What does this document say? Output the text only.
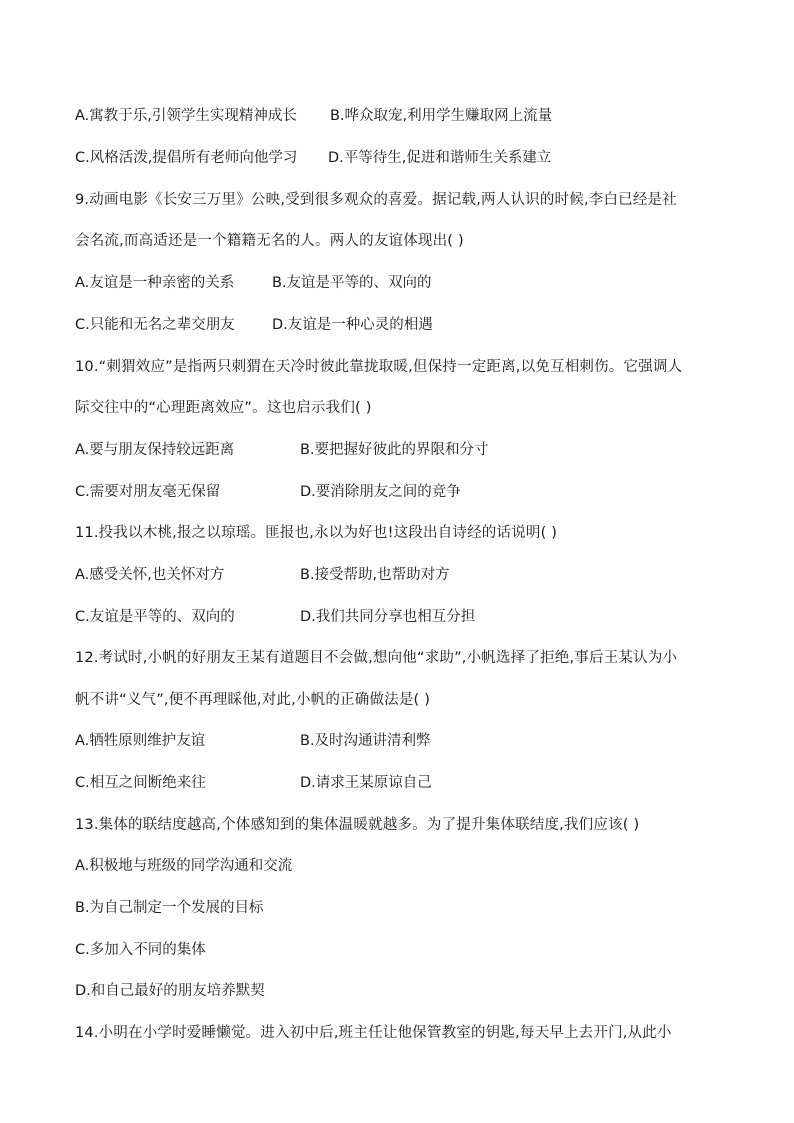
A.寓教于乐,引领学生实现精神成长 B.哗众取宠,利用学生赚取网上流量
C.风格活泼,提倡所有老师向他学习 D.平等待生,促进和谐师生关系建立
9.动画电影《长安三万里》公映,受到很多观众的喜爱。据记载,两人认识的时候,李白已经是社
会名流,而高适还是一个籍籍无名的人。两人的友谊体现出( )
A.友谊是一种亲密的关系	B.友谊是平等的、双向的
C.只能和无名之辈交朋友	D.友谊是一种心灵的相遇
10.“刺猬效应”是指两只刺猬在天冷时彼此靠拢取暖,但保持一定距离,以免互相刺伤。它强调人
际交往中的“心理距离效应”。这也启示我们( )
A.要与朋友保持较远距离	B.要把握好彼此的界限和分寸
C.需要对朋友毫无保留	D.要消除朋友之间的竞争
11.投我以木桃,报之以琼瑶。匪报也,永以为好也!这段出自诗经的话说明( )
A.感受关怀,也关怀对方	B.接受帮助,也帮助对方
C.友谊是平等的、双向的	D.我们共同分享也相互分担
12.考试时,小帆的好朋友王某有道题目不会做,想向他“求助”,小帆选择了拒绝,事后王某认为小
帆不讲“义气”,便不再理睬他,对此,小帆的正确做法是( )
A.牺牲原则维护友谊	B.及时沟通讲清利弊
C.相互之间断绝来往	D.请求王某原谅自己
13.集体的联结度越高,个体感知到的集体温暖就越多。为了提升集体联结度,我们应该( )
A.积极地与班级的同学沟通和交流
B.为自己制定一个发展的目标
C.多加入不同的集体
D.和自己最好的朋友培养默契
14.小明在小学时爱睡懒觉。进入初中后,班主任让他保管教室的钥匙,每天早上去开门,从此小
